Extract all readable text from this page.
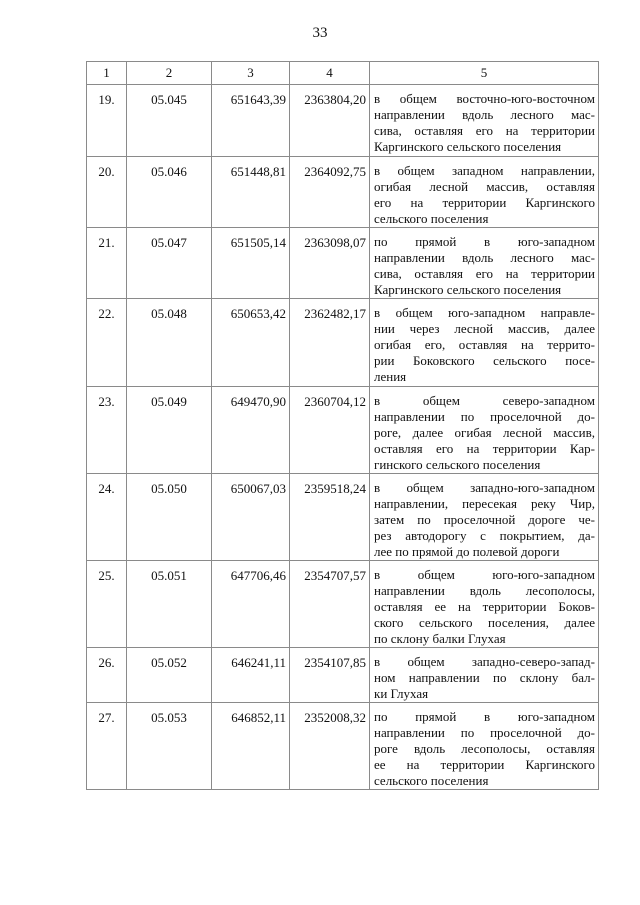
33
1	2	3	4	5

19.	05.045	651643,39	2363804,20	в общем восточно-юго-восточном
направлении вдоль лесного мас-
сива, оставляя его на территории
Каргинского сельского поселения

20.	05.046	651448,81	2364092,75	в общем западном направлении,
огибая лесной массив, оставляя
его на территории Каргинского
сельского поселения

21.	05.047	651505,14	2363098,07	по прямой в юго-западном
направлении вдоль лесного мас-
сива, оставляя его на территории
Каргинского сельского поселения

22.	05.048	650653,42	2362482,17	в общем юго-западном направле-
нии через лесной массив, далее
огибая его, оставляя на террито-
рии Боковского сельского посе-
ления

23.	05.049	649470,90	2360704,12	в общем северо-западном
направлении по проселочной до-
роге, далее огибая лесной массив,
оставляя его на территории Кар-
гинского сельского поселения

24.	05.050	650067,03	2359518,24	в общем западно-юго-западном
направлении, пересекая реку Чир,
затем по проселочной дороге че-
рез автодорогу с покрытием, да-
лее по прямой до полевой дороги

25.	05.051	647706,46	2354707,57	в общем юго-юго-западном
направлении вдоль лесополосы,
оставляя ее на территории Боков-
ского сельского поселения, далее
по склону балки Глухая

26.	05.052	646241,11	2354107,85	в общем западно-северо-запад-
ном направлении по склону бал-
ки Глухая

27.	05.053	646852,11	2352008,32	по прямой в юго-западном
направлении по проселочной до-
роге вдоль лесополосы, оставляя
ее на территории Каргинского
сельского поселения
